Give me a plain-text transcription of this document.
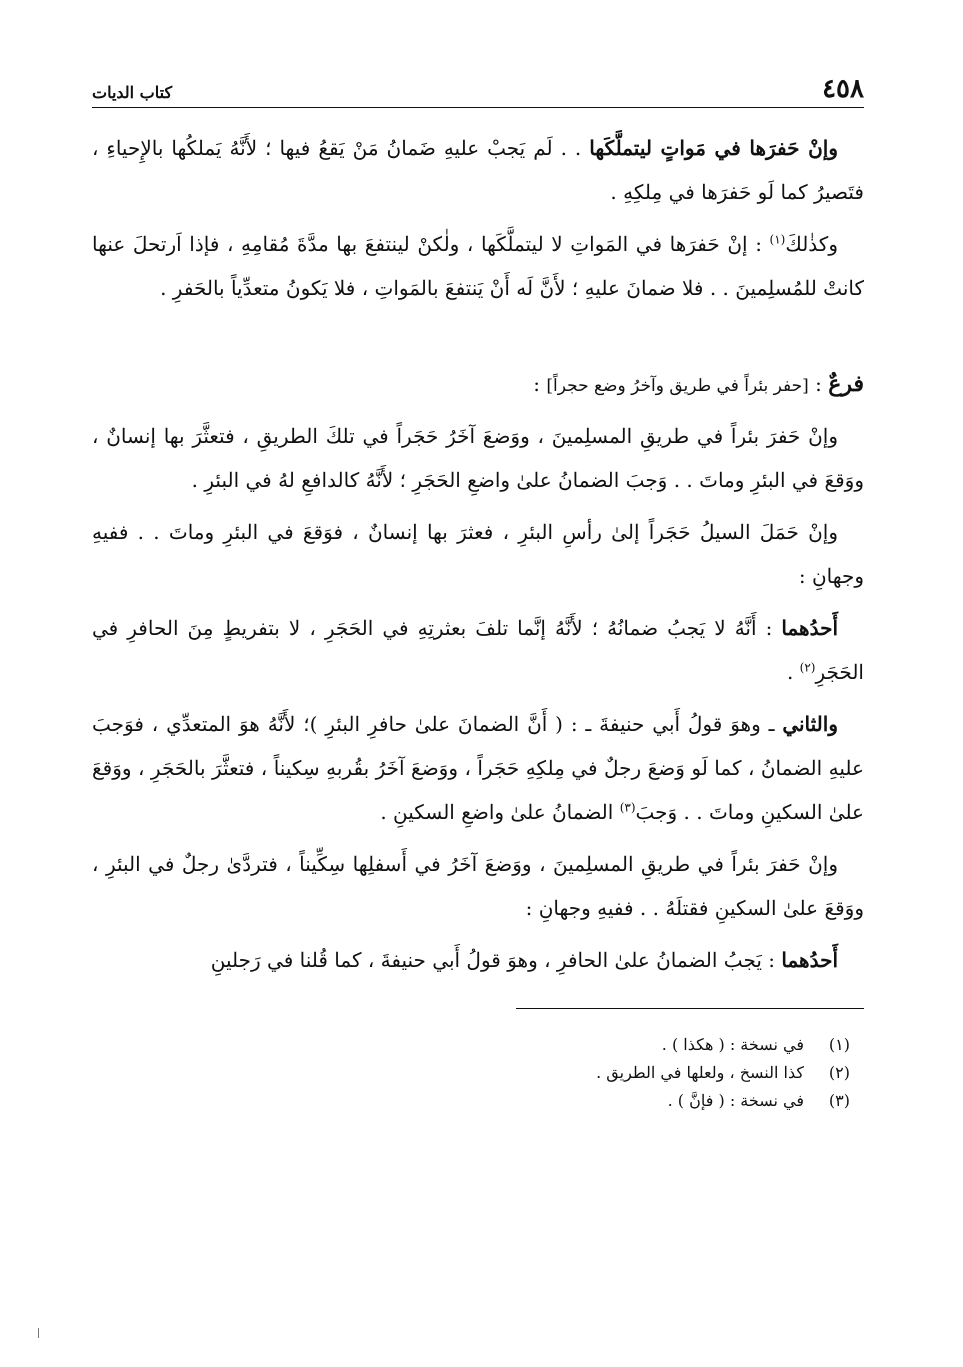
٤٥٨
كتاب الديات

وإنْ حَفرَها في مَواتٍ ليتملَّكَها . . لَم يَجبْ عليهِ ضَمانُ مَنْ يَقعُ فيها ؛ لأَنَّهُ يَملكُها بالإِحياءِ ، فتَصيرُ كما لَو حَفرَها في مِلكِهِ .

وكذٰلكَ$^{(١)}$ : إنْ حَفرَها في المَواتِ لا ليتملَّكَها ، ولٰكنْ لينتفعَ بها مدَّةَ مُقامِهِ ، فإذا اَرتحلَ عنها كانتْ للمُسلِمينَ . . فلا ضمانَ عليهِ ؛ لأَنَّ لَه أَنْ يَنتفعَ بالمَواتِ ، فلا يَكونُ متعدِّياً بالحَفرِ .

فرعٌ : [حفر بئراً في طريق وآخرُ وضع حجراً] :

وإنْ حَفرَ بئراً في طريقِ المسلِمينَ ، ووَضعَ آخَرُ حَجَراً في تلكَ الطريقِ ، فتعثَّرَ بها إنسانٌ ، ووَقعَ في البئرِ وماتَ . . وَجبَ الضمانُ علىٰ واضعِ الحَجَرِ ؛ لأَنَّهُ كالدافعِ لهُ في البئرِ .

وإنْ حَمَلَ السيلُ حَجَراً إلىٰ رأسِ البئرِ ، فعثرَ بها إنسانٌ ، فوَقعَ في البئرِ وماتَ . . ففيهِ وجهانِ :

أَحدُهما : أَنَّهُ لا يَجبُ ضمانُهُ ؛ لأَنَّهُ إنَّما تلفَ بعثرتِهِ في الحَجَرِ ، لا بتفريطٍ مِنَ الحافرِ في الحَجَرِ$^{(٢)}$ .

والثاني ـ وهوَ قولُ أَبي حنيفةَ ـ : ( أَنَّ الضمانَ علىٰ حافرِ البئرِ )؛ لأَنَّهُ هوَ المتعدِّي ، فوَجبَ عليهِ الضمانُ ، كما لَو وَضعَ رجلٌ في مِلكِهِ حَجَراً ، ووَضعَ آخَرُ بقُربهِ سِكيناً ، فتعثَّرَ بالحَجَرِ ، ووَقعَ علىٰ السكينِ وماتَ . . وَجبَ$^{(٣)}$ الضمانُ علىٰ واضعِ السكينِ .

وإنْ حَفرَ بئراً في طريقِ المسلِمينَ ، ووَضعَ آخَرُ في أَسفلِها سِكِّيناً ، فتردَّىٰ رجلٌ في البئرِ ، ووَقعَ علىٰ السكينِ فقتلَهُ . . ففيهِ وجهانِ :

أَحدُهما : يَجبُ الضمانُ علىٰ الحافرِ ، وهوَ قولُ أَبي حنيفةَ ، كما قُلنا في رَجلينِ

(١)في نسخة : ( هكذا ) .
(٢)كذا النسخ ، ولعلها في الطريق .
(٣)في نسخة : ( فإنَّ ) .
